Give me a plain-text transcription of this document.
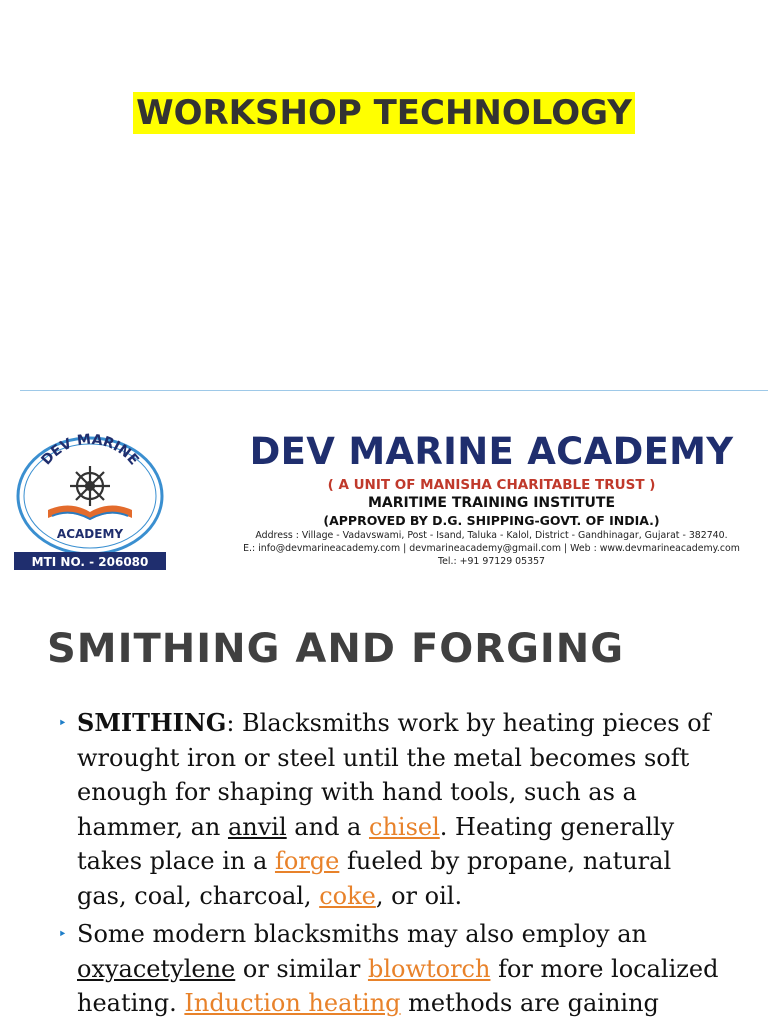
WORKSHOP TECHNOLOGY
DEV MARINE
ACADEMY
MTI NO. - 206080
DEV MARINE ACADEMY
( A UNIT OF MANISHA CHARITABLE TRUST )
MARITIME TRAINING INSTITUTE
(APPROVED BY D.G. SHIPPING-GOVT. OF INDIA.)
Address : Village - Vadavswami, Post - Isand, Taluka - Kalol, District - Gandhinagar, Gujarat - 382740.
E.: info@devmarineacademy.com | devmarineacademy@gmail.com | Web : www.devmarineacademy.com
Tel.: +91 97129 05357
SMITHING AND FORGING
‣ SMITHING: Blacksmiths work by heating pieces of wrought iron or steel until the metal becomes soft enough for shaping with hand tools, such as a hammer, an anvil and a chisel. Heating generally takes place in a forge fueled by propane, natural gas, coal, charcoal, coke, or oil.
‣ Some modern blacksmiths may also employ an oxyacetylene or similar blowtorch for more localized heating. Induction heating methods are gaining
